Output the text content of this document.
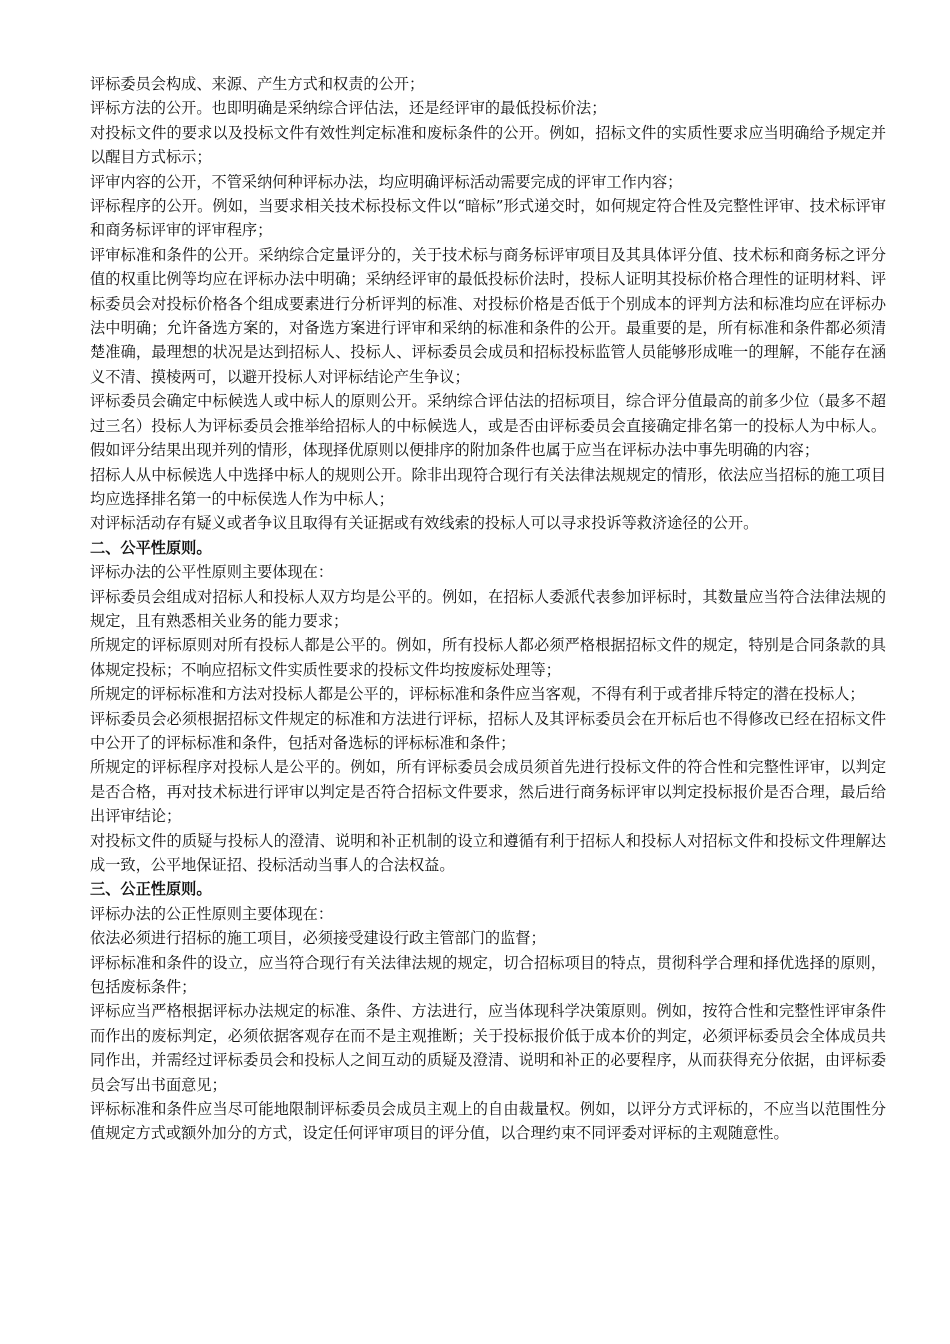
评标委员会构成、来源、产生方式和权责的公开；

评标方法的公开。也即明确是采纳综合评估法，还是经评审的最低投标价法；

对投标文件的要求以及投标文件有效性判定标准和废标条件的公开。例如，招标文件的实质性要求应当明确给予规定并以醒目方式标示；

评审内容的公开，不管采纳何种评标办法，均应明确评标活动需要完成的评审工作内容；

评标程序的公开。例如，当要求相关技术标投标文件以“暗标”形式递交时，如何规定符合性及完整性评审、技术标评审和商务标评审的评审程序；

评审标准和条件的公开。采纳综合定量评分的，关于技术标与商务标评审项目及其具体评分值、技术标和商务标之评分值的权重比例等均应在评标办法中明确；采纳经评审的最低投标价法时，投标人证明其投标价格合理性的证明材料、评标委员会对投标价格各个组成要素进行分析评判的标准、对投标价格是否低于个别成本的评判方法和标准均应在评标办法中明确；允许备选方案的，对备选方案进行评审和采纳的标准和条件的公开。最重要的是，所有标准和条件都必须清楚准确，最理想的状况是达到招标人、投标人、评标委员会成员和招标投标监管人员能够形成唯一的理解，不能存在涵义不清、摸棱两可，以避开投标人对评标结论产生争议；

评标委员会确定中标候选人或中标人的原则公开。采纳综合评估法的招标项目，综合评分值最高的前多少位（最多不超过三名）投标人为评标委员会推举给招标人的中标候选人，或是否由评标委员会直接确定排名第一的投标人为中标人。假如评分结果出现并列的情形，体现择优原则以便排序的附加条件也属于应当在评标办法中事先明确的内容；

招标人从中标候选人中选择中标人的规则公开。除非出现符合现行有关法律法规规定的情形，依法应当招标的施工项目均应选择排名第一的中标侯选人作为中标人；

对评标活动存有疑义或者争议且取得有关证据或有效线索的投标人可以寻求投诉等救济途径的公开。

二、公平性原则。

评标办法的公平性原则主要体现在：

评标委员会组成对招标人和投标人双方均是公平的。例如，在招标人委派代表参加评标时，其数量应当符合法律法规的规定，且有熟悉相关业务的能力要求；

所规定的评标原则对所有投标人都是公平的。例如，所有投标人都必须严格根据招标文件的规定，特别是合同条款的具体规定投标；不响应招标文件实质性要求的投标文件均按废标处理等；

所规定的评标标准和方法对投标人都是公平的，评标标准和条件应当客观，不得有利于或者排斥特定的潜在投标人；

评标委员会必须根据招标文件规定的标准和方法进行评标，招标人及其评标委员会在开标后也不得修改已经在招标文件中公开了的评标标准和条件，包括对备选标的评标标准和条件；

所规定的评标程序对投标人是公平的。例如，所有评标委员会成员须首先进行投标文件的符合性和完整性评审，以判定是否合格，再对技术标进行评审以判定是否符合招标文件要求，然后进行商务标评审以判定投标报价是否合理，最后给出评审结论；

对投标文件的质疑与投标人的澄清、说明和补正机制的设立和遵循有利于招标人和投标人对招标文件和投标文件理解达成一致，公平地保证招、投标活动当事人的合法权益。

三、公正性原则。

评标办法的公正性原则主要体现在：

依法必须进行招标的施工项目，必须接受建设行政主管部门的监督；

评标标准和条件的设立，应当符合现行有关法律法规的规定，切合招标项目的特点，贯彻科学合理和择优选择的原则，包括废标条件；

评标应当严格根据评标办法规定的标准、条件、方法进行，应当体现科学决策原则。例如，按符合性和完整性评审条件而作出的废标判定，必须依据客观存在而不是主观推断；关于投标报价低于成本价的判定，必须评标委员会全体成员共同作出，并需经过评标委员会和投标人之间互动的质疑及澄清、说明和补正的必要程序，从而获得充分依据，由评标委员会写出书面意见；

评标标准和条件应当尽可能地限制评标委员会成员主观上的自由裁量权。例如，以评分方式评标的，不应当以范围性分值规定方式或额外加分的方式，设定任何评审项目的评分值，以合理约束不同评委对评标的主观随意性。
